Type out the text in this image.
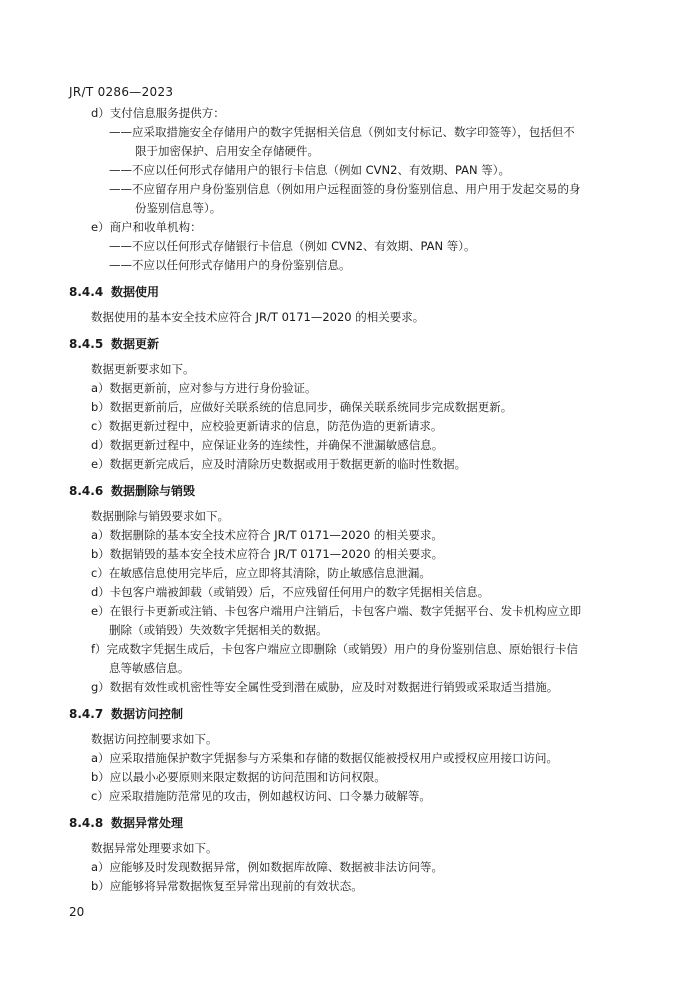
JR/T 0286—2023
d）支付信息服务提供方：
——应采取措施安全存储用户的数字凭据相关信息（例如支付标记、数字印签等），包括但不
限于加密保护、启用安全存储硬件。
——不应以任何形式存储用户的银行卡信息（例如 CVN2、有效期、PAN 等）。
——不应留存用户身份鉴别信息（例如用户远程面签的身份鉴别信息、用户用于发起交易的身
份鉴别信息等）。
e）商户和收单机构：
——不应以任何形式存储银行卡信息（例如 CVN2、有效期、PAN 等）。
——不应以任何形式存储用户的身份鉴别信息。
8.4.4 数据使用
数据使用的基本安全技术应符合 JR/T 0171—2020 的相关要求。
8.4.5 数据更新
数据更新要求如下。
a）数据更新前，应对参与方进行身份验证。
b）数据更新前后，应做好关联系统的信息同步，确保关联系统同步完成数据更新。
c）数据更新过程中，应校验更新请求的信息，防范伪造的更新请求。
d）数据更新过程中，应保证业务的连续性，并确保不泄漏敏感信息。
e）数据更新完成后，应及时清除历史数据或用于数据更新的临时性数据。
8.4.6 数据删除与销毁
数据删除与销毁要求如下。
a）数据删除的基本安全技术应符合 JR/T 0171—2020 的相关要求。
b）数据销毁的基本安全技术应符合 JR/T 0171—2020 的相关要求。
c）在敏感信息使用完毕后，应立即将其清除，防止敏感信息泄漏。
d）卡包客户端被卸载（或销毁）后，不应残留任何用户的数字凭据相关信息。
e）在银行卡更新或注销、卡包客户端用户注销后，卡包客户端、数字凭据平台、发卡机构应立即
删除（或销毁）失效数字凭据相关的数据。
f）完成数字凭据生成后，卡包客户端应立即删除（或销毁）用户的身份鉴别信息、原始银行卡信
息等敏感信息。
g）数据有效性或机密性等安全属性受到潜在威胁，应及时对数据进行销毁或采取适当措施。
8.4.7 数据访问控制
数据访问控制要求如下。
a）应采取措施保护数字凭据参与方采集和存储的数据仅能被授权用户或授权应用接口访问。
b）应以最小必要原则来限定数据的访问范围和访问权限。
c）应采取措施防范常见的攻击，例如越权访问、口令暴力破解等。
8.4.8 数据异常处理
数据异常处理要求如下。
a）应能够及时发现数据异常，例如数据库故障、数据被非法访问等。
b）应能够将异常数据恢复至异常出现前的有效状态。
20
